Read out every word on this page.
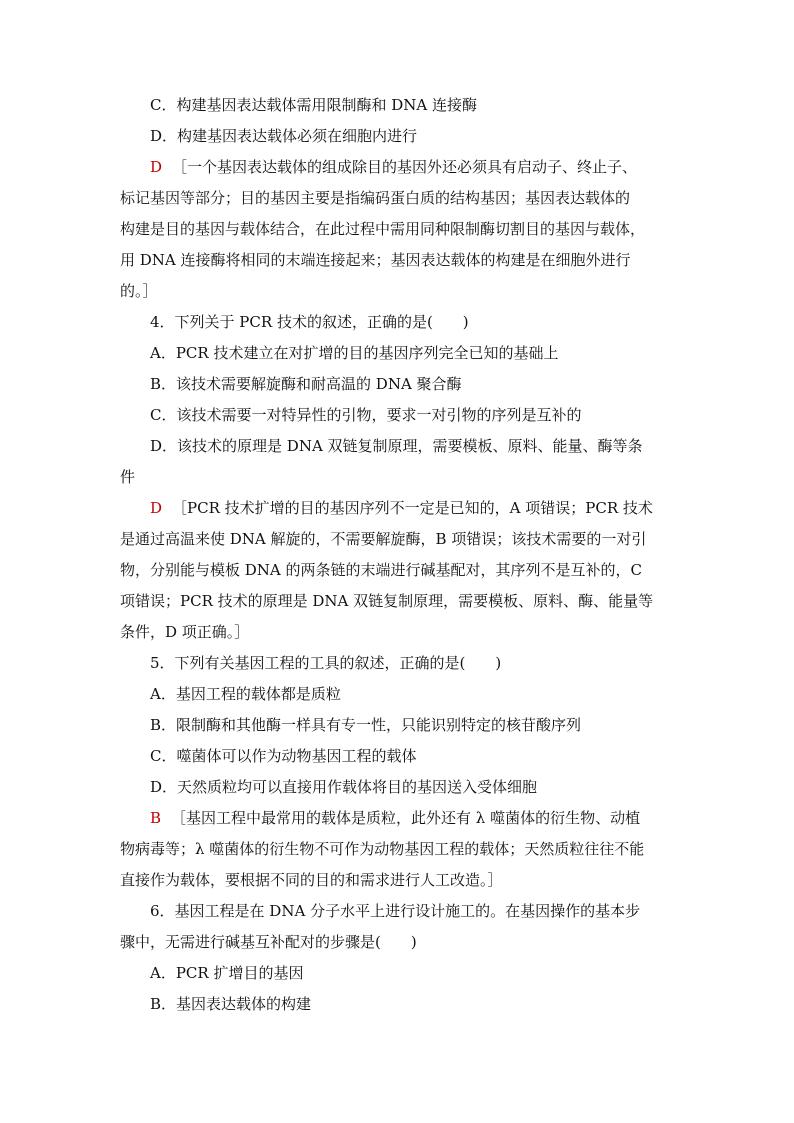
C．构建基因表达载体需用限制酶和 DNA 连接酶
D．构建基因表达载体必须在细胞内进行
D ［一个基因表达载体的组成除目的基因外还必须具有启动子、终止子、
标记基因等部分；目的基因主要是指编码蛋白质的结构基因；基因表达载体的
构建是目的基因与载体结合，在此过程中需用同种限制酶切割目的基因与载体，
用 DNA 连接酶将相同的末端连接起来；基因表达载体的构建是在细胞外进行
的。］
4．下列关于 PCR 技术的叙述，正确的是(　　)
A．PCR 技术建立在对扩增的目的基因序列完全已知的基础上
B．该技术需要解旋酶和耐高温的 DNA 聚合酶
C．该技术需要一对特异性的引物，要求一对引物的序列是互补的
D．该技术的原理是 DNA 双链复制原理，需要模板、原料、能量、酶等条
件
D ［PCR 技术扩增的目的基因序列不一定是已知的，A 项错误；PCR 技术
是通过高温来使 DNA 解旋的，不需要解旋酶，B 项错误；该技术需要的一对引
物，分别能与模板 DNA 的两条链的末端进行碱基配对，其序列不是互补的，C
项错误；PCR 技术的原理是 DNA 双链复制原理，需要模板、原料、酶、能量等
条件，D 项正确。］
5．下列有关基因工程的工具的叙述，正确的是(　　)
A．基因工程的载体都是质粒
B．限制酶和其他酶一样具有专一性，只能识别特定的核苷酸序列
C．噬菌体可以作为动物基因工程的载体
D．天然质粒均可以直接用作载体将目的基因送入受体细胞
B ［基因工程中最常用的载体是质粒，此外还有 λ 噬菌体的衍生物、动植
物病毒等；λ 噬菌体的衍生物不可作为动物基因工程的载体；天然质粒往往不能
直接作为载体，要根据不同的目的和需求进行人工改造。］
6．基因工程是在 DNA 分子水平上进行设计施工的。在基因操作的基本步
骤中，无需进行碱基互补配对的步骤是(　　)
A．PCR 扩增目的基因
B．基因表达载体的构建
